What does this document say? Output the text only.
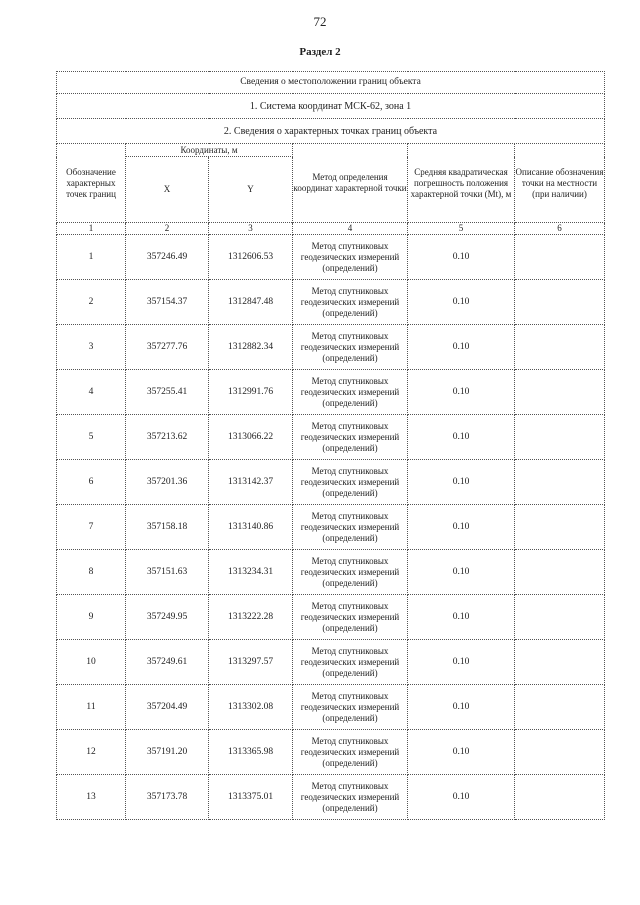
72
Раздел 2
Сведения о местоположении границ объекта					
1. Система координат МСК-62, зона 1					
2. Сведения о характерных точках границ объекта					
Обозначение характерных точек границ	Координаты, м		Метод определения координат характерной точки	Средняя квадратическая погрешность положения характерной точки (Mt), м	Описание обозначения точки на местности (при наличии)
	X	Y			
1	2	3	4	5	6
1	357246.49	1312606.53	Метод спутниковых геодезических измерений (определений)	0.10	
2	357154.37	1312847.48	Метод спутниковых геодезических измерений (определений)	0.10	
3	357277.76	1312882.34	Метод спутниковых геодезических измерений (определений)	0.10	
4	357255.41	1312991.76	Метод спутниковых геодезических измерений (определений)	0.10	
5	357213.62	1313066.22	Метод спутниковых геодезических измерений (определений)	0.10	
6	357201.36	1313142.37	Метод спутниковых геодезических измерений (определений)	0.10	
7	357158.18	1313140.86	Метод спутниковых геодезических измерений (определений)	0.10	
8	357151.63	1313234.31	Метод спутниковых геодезических измерений (определений)	0.10	
9	357249.95	1313222.28	Метод спутниковых геодезических измерений (определений)	0.10	
10	357249.61	1313297.57	Метод спутниковых геодезических измерений (определений)	0.10	
11	357204.49	1313302.08	Метод спутниковых геодезических измерений (определений)	0.10	
12	357191.20	1313365.98	Метод спутниковых геодезических измерений (определений)	0.10	
13	357173.78	1313375.01	Метод спутниковых геодезических измерений (определений)	0.10	
